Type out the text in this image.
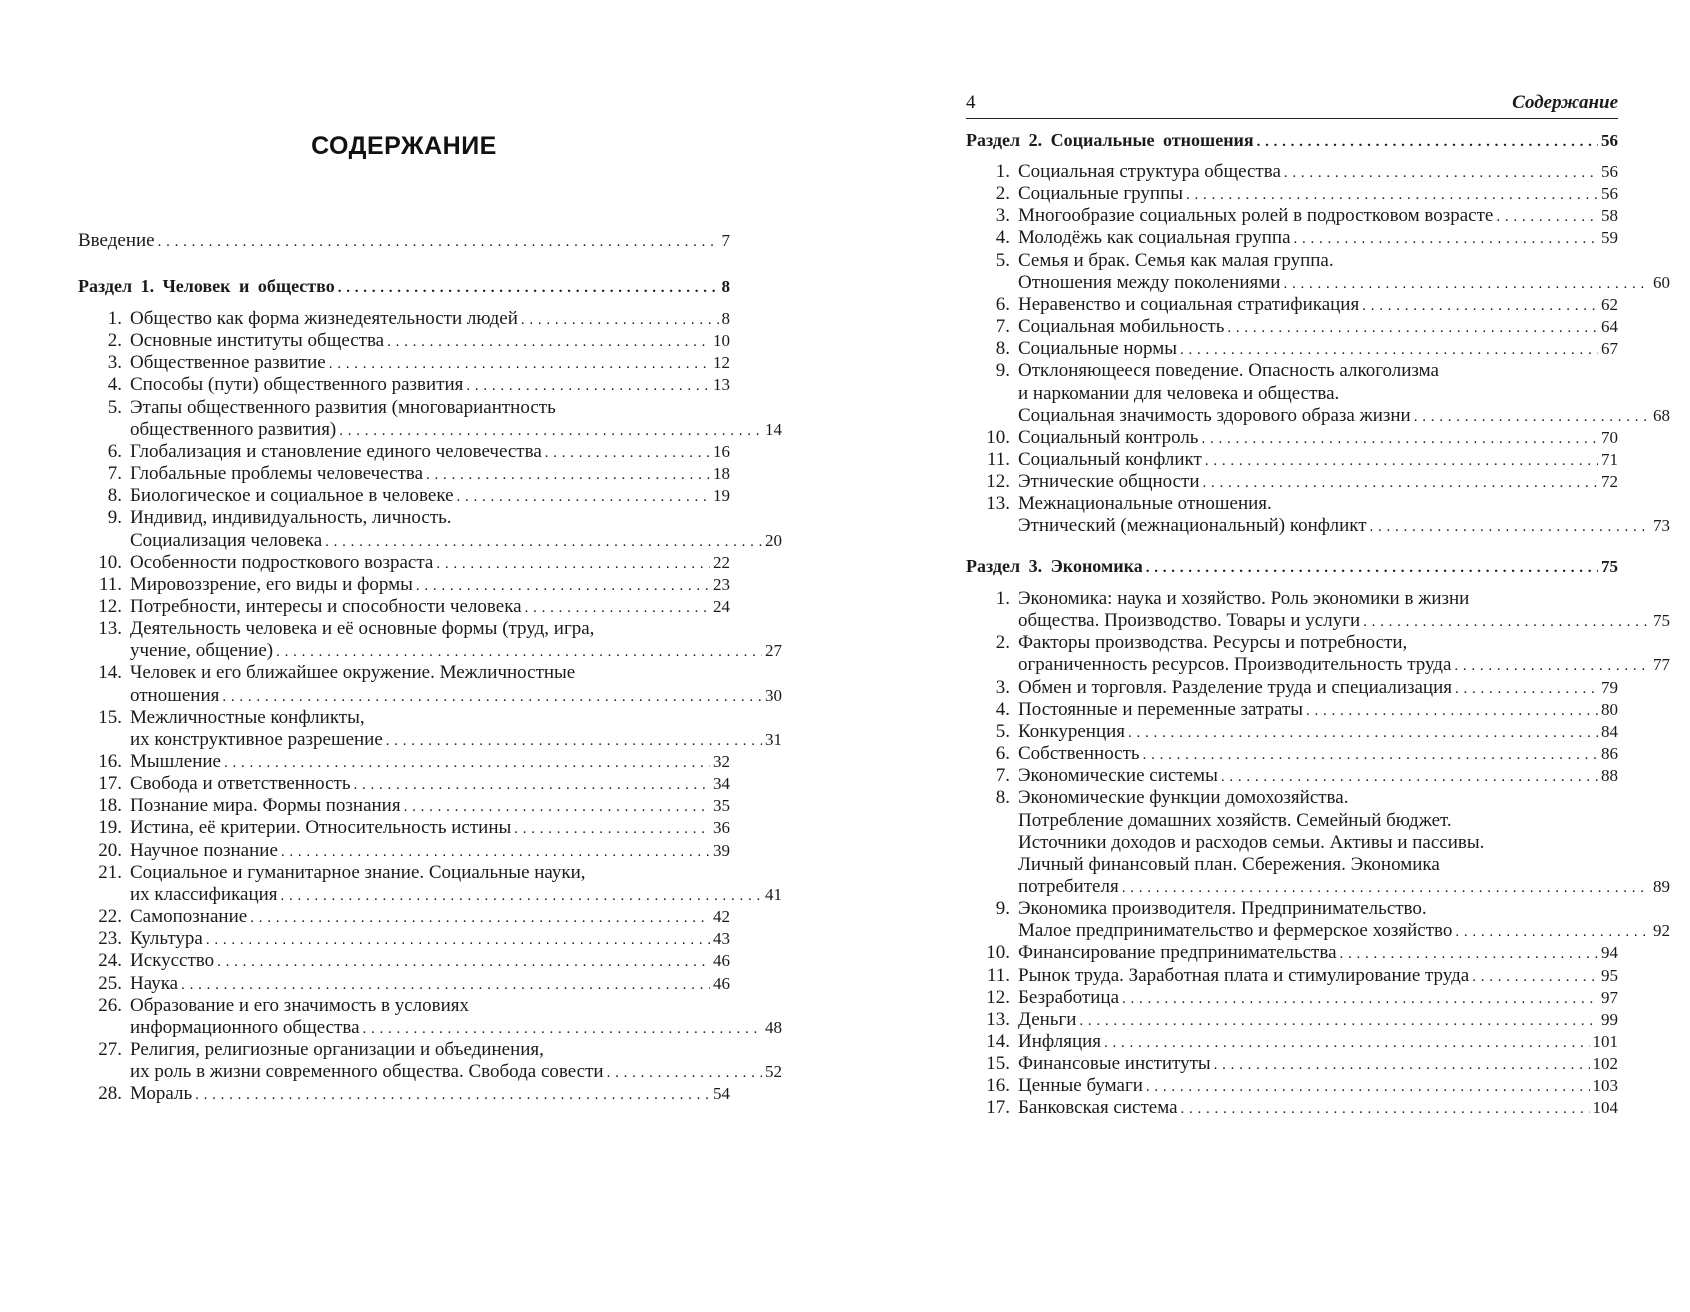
СОДЕРЖАНИЕ
Введение . . .	7
Раздел 1. Человек и общество . . .	8
1. Общество как форма жизнедеятельности людей . . .	8
2. Основные институты общества . . .	10
3. Общественное развитие . . .	12
4. Способы (пути) общественного развития . . .	13
5. Этапы общественного развития (многовариантность
общественного развития) . . .	14
6. Глобализация и становление единого человечества . . .	16
7. Глобальные проблемы человечества . . .	18
8. Биологическое и социальное в человеке . . .	19
9. Индивид, индивидуальность, личность.
Социализация человека . . .	20
10. Особенности подросткового возраста . . .	22
11. Мировоззрение, его виды и формы . . .	23
12. Потребности, интересы и способности человека . . .	24
13. Деятельность человека и её основные формы (труд, игра,
учение, общение) . . .	27
14. Человек и его ближайшее окружение. Межличностные
отношения . . .	30
15. Межличностные конфликты,
их конструктивное разрешение . . .	31
16. Мышление . . .	32
17. Свобода и ответственность . . .	34
18. Познание мира. Формы познания . . .	35
19. Истина, её критерии. Относительность истины . . .	36
20. Научное познание . . .	39
21. Социальное и гуманитарное знание. Социальные науки,
их классификация . . .	41
22. Самопознание . . .	42
23. Культура . . .	43
24. Искусство . . .	46
25. Наука . . .	46
26. Образование и его значимость в условиях
информационного общества . . .	48
27. Религия, религиозные организации и объединения,
их роль в жизни современного общества. Свобода совести . . .	52
28. Мораль . . .	54
4	Содержание
Раздел 2. Социальные отношения . . .	56
1. Социальная структура общества . . .	56
2. Социальные группы . . .	56
3. Многообразие социальных ролей в подростковом возрасте . . .	58
4. Молодёжь как социальная группа . . .	59
5. Семья и брак. Семья как малая группа.
Отношения между поколениями . . .	60
6. Неравенство и социальная стратификация . . .	62
7. Социальная мобильность . . .	64
8. Социальные нормы . . .	67
9. Отклоняющееся поведение. Опасность алкоголизма
и наркомании для человека и общества.
Социальная значимость здорового образа жизни . . .	68
10. Социальный контроль . . .	70
11. Социальный конфликт . . .	71
12. Этнические общности . . .	72
13. Межнациональные отношения.
Этнический (межнациональный) конфликт . . .	73
Раздел 3. Экономика . . .	75
1. Экономика: наука и хозяйство. Роль экономики в жизни
общества. Производство. Товары и услуги . . .	75
2. Факторы производства. Ресурсы и потребности,
ограниченность ресурсов. Производительность труда . . .	77
3. Обмен и торговля. Разделение труда и специализация . . .	79
4. Постоянные и переменные затраты . . .	80
5. Конкуренция . . .	84
6. Собственность . . .	86
7. Экономические системы . . .	88
8. Экономические функции домохозяйства.
Потребление домашних хозяйств. Семейный бюджет.
Источники доходов и расходов семьи. Активы и пассивы.
Личный финансовый план. Сбережения. Экономика
потребителя . . .	89
9. Экономика производителя. Предпринимательство.
Малое предпринимательство и фермерское хозяйство . . .	92
10. Финансирование предпринимательства . . .	94
11. Рынок труда. Заработная плата и стимулирование труда . . .	95
12. Безработица . . .	97
13. Деньги . . .	99
14. Инфляция . . .	101
15. Финансовые институты . . .	102
16. Ценные бумаги . . .	103
17. Банковская система . . .	104
